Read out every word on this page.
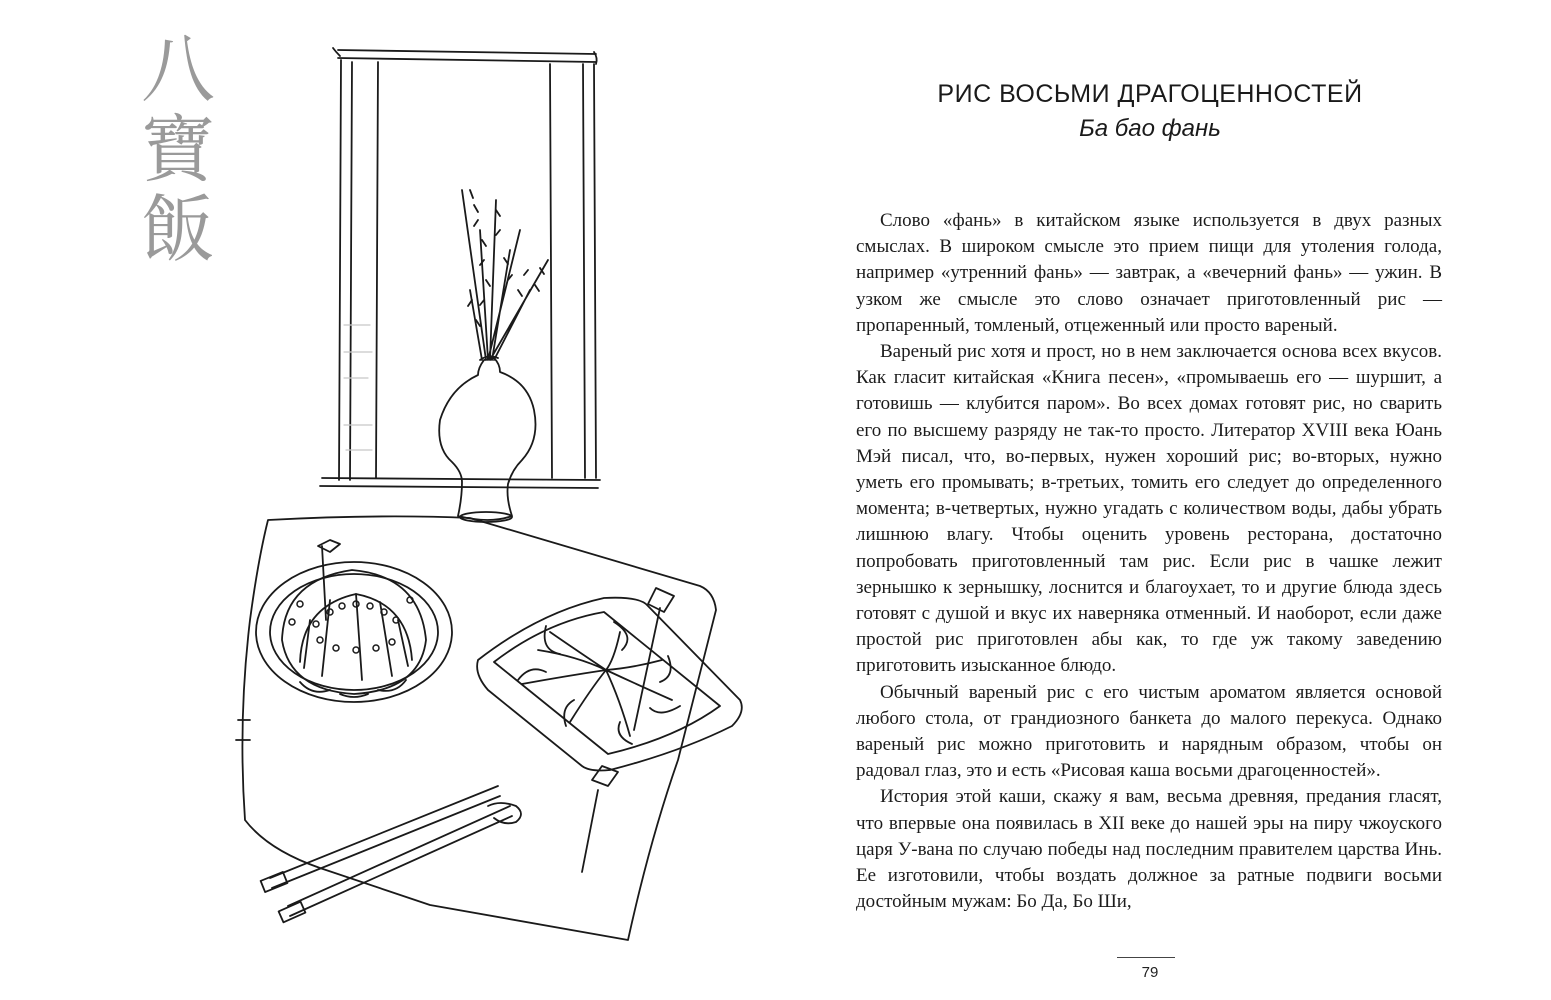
八
寶
飯
РИС ВОСЬМИ ДРАГОЦЕННОСТЕЙ
Ба бао фань

Слово «фань» в китайском языке используется в двух разных смыслах. В широком смысле это прием пищи для утоления голода, например «утренний фань» — завтрак, а «вечерний фань» — ужин. В узком же смысле это слово означает приготовленный рис — пропаренный, томленый, отцеженный или просто вареный.

Вареный рис хотя и прост, но в нем заключается основа всех вкусов. Как гласит китайская «Книга песен», «промываешь его — шуршит, а готовишь — клубится паром». Во всех домах готовят рис, но сварить его по высшему разряду не так-то просто. Литератор XVIII века Юань Мэй писал, что, во-первых, нужен хороший рис; во-вторых, нужно уметь его промывать; в-третьих, томить его следует до определенного момента; в-четвертых, нужно угадать с количеством воды, дабы убрать лишнюю влагу. Чтобы оценить уровень ресторана, достаточно попробовать приготовленный там рис. Если рис в чашке лежит зернышко к зернышку, лоснится и благоухает, то и другие блюда здесь готовят с душой и вкус их наверняка отменный. И наоборот, если даже простой рис приготовлен абы как, то где уж такому заведению приготовить изысканное блюдо.

Обычный вареный рис с его чистым ароматом является основой любого стола, от грандиозного банкета до малого перекуса. Однако вареный рис можно приготовить и нарядным образом, чтобы он радовал глаз, это и есть «Рисовая каша восьми драгоценностей».

История этой каши, скажу я вам, весьма древняя, предания гласят, что впервые она появилась в XII веке до нашей эры на пиру чжоуского царя У-вана по случаю победы над последним правителем царства Инь. Ее изготовили, чтобы воздать должное за ратные подвиги восьми достойным мужам: Бо Да, Бо Ши,

79
